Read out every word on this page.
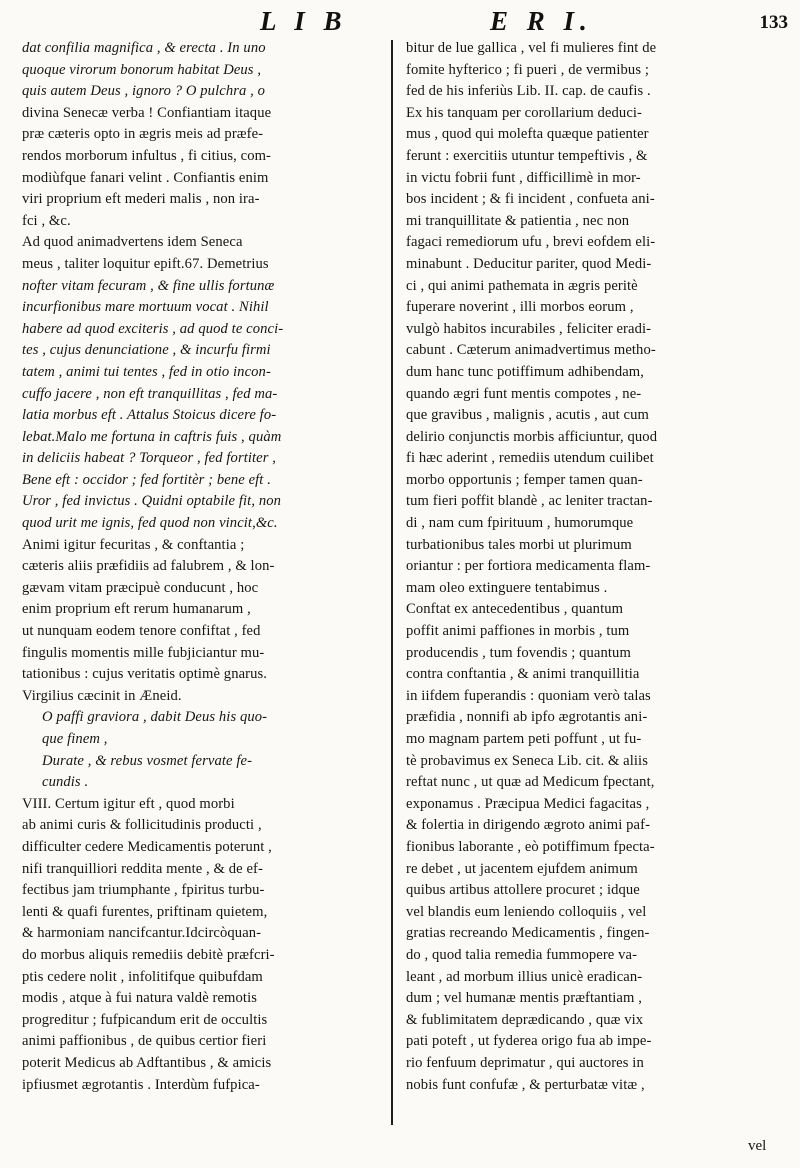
L I B	E R I.	133
dat confilia magnifica , & erecta . In uno
quoque virorum bonorum habitat Deus ,
quis autem Deus , ignoro ? O pulchra , o
divina Senecæ verba ! Confiantiam itaque
præ cæteris opto in ægris meis ad præfe-
rendos morborum infultus , fi citius, com-
modiùfque fanari velint . Confiantis enim
viri proprium eft mederi malis , non ira-
fci , &c.
Ad quod animadvertens idem Seneca
meus , taliter loquitur epift.67. Demetrius
nofter vitam fecuram , & fine ullis fortunæ
incurfionibus mare mortuum vocat . Nihil
habere ad quod exciteris , ad quod te conci-
tes , cujus denunciatione , & incurfu firmi
tatem , animi tui tentes , fed in otio incon-
cuffo jacere , non eft tranquillitas , fed ma-
latia morbus eft . Attalus Stoicus dicere fo-
lebat.Malo me fortuna in caftris fuis , quàm
in deliciis habeat ? Torqueor , fed fortiter ,
Bene eft : occidor ; fed fortitèr ; bene eft .
Uror , fed invictus . Quidni optabile fit, non
quod urit me ignis, fed quod non vincit,&c.
Animi igitur fecuritas , & conftantia ;
cæteris aliis præfidiis ad falubrem , & lon-
gævam vitam præcipuè conducunt , hoc
enim proprium eft rerum humanarum ,
ut nunquam eodem tenore confiftat , fed
fingulis momentis mille fubjiciantur mu-
tationibus : cujus veritatis optimè gnarus.
Virgilius cæcinit in Æneid.
O paffi graviora , dabit Deus his quo-
que finem ,
Durate , & rebus vosmet fervate fe-
cundis .
VIII. Certum igitur eft , quod morbi
ab animi curis & follicitudinis producti ,
difficulter cedere Medicamentis poterunt ,
nifi tranquilliori reddita mente , & de ef-
fectibus jam triumphante , fpiritus turbu-
lenti & quafi furentes, priftinam quietem,
& harmoniam nancifcantur.Idcircòquan-
do morbus aliquis remediis debitè præfcri-
ptis cedere nolit , infolitifque quibufdam
modis , atque à fui natura valdè remotis
progreditur ; fufpicandum erit de occultis
animi paffionibus , de quibus certior fieri
poterit Medicus ab Adftantibus , & amicis
ipfiusmet ægrotantis . Interdùm fufpica-
bitur de lue gallica , vel fi mulieres fint de
fomite hyfterico ; fi pueri , de vermibus ;
fed de his inferiùs Lib. II. cap. de caufis .
Ex his tanquam per corollarium deduci-
mus , quod qui molefta quæque patienter
ferunt : exercitiis utuntur tempeftivis , &
in victu fobrii funt , difficillimè in mor-
bos incident ; & fi incident , confueta ani-
mi tranquillitate & patientia , nec non
fagaci remediorum ufu , brevi eofdem eli-
minabunt . Deducitur pariter, quod Medi-
ci , qui animi pathemata in ægris peritè
fuperare noverint , illi morbos eorum ,
vulgò habitos incurabiles , feliciter eradi-
cabunt . Cæterum animadvertimus metho-
dum hanc tunc potiffimum adhibendam,
quando ægri funt mentis compotes , ne-
que gravibus , malignis , acutis , aut cum
delirio conjunctis morbis afficiuntur, quod
fi hæc aderint , remediis utendum cuilibet
morbo opportunis ; femper tamen quan-
tum fieri poffit blandè , ac leniter tractan-
di , nam cum fpirituum , humorumque
turbationibus tales morbi ut plurimum
oriantur : per fortiora medicamenta flam-
mam oleo extinguere tentabimus .
Conftat ex antecedentibus , quantum
poffit animi paffiones in morbis , tum
producendis , tum fovendis ; quantum
contra conftantia , & animi tranquillitia
in iifdem fuperandis : quoniam verò talas
præfidia , nonnifi ab ipfo ægrotantis ani-
mo magnam partem peti poffunt , ut fu-
tè probavimus ex Seneca Lib. cit. & aliis
reftat nunc , ut quæ ad Medicum fpectant,
exponamus . Præcipua Medici fagacitas ,
& folertia in dirigendo ægroto animi paf-
fionibus laborante , eò potiffimum fpecta-
re debet , ut jacentem ejufdem animum
quibus artibus attollere procuret ; idque
vel blandis eum leniendo colloquiis , vel
gratias recreando Medicamentis , fingen-
do , quod talia remedia fummopere va-
leant , ad morbum illius unicè eradican-
dum ; vel humanæ mentis præftantiam ,
& fublimitatem deprædicando , quæ vix
pati poteft , ut fyderea origo fua ab impe-
rio fenfuum deprimatur , qui auctores in
nobis funt confufæ , & perturbatæ vitæ ,
vel
